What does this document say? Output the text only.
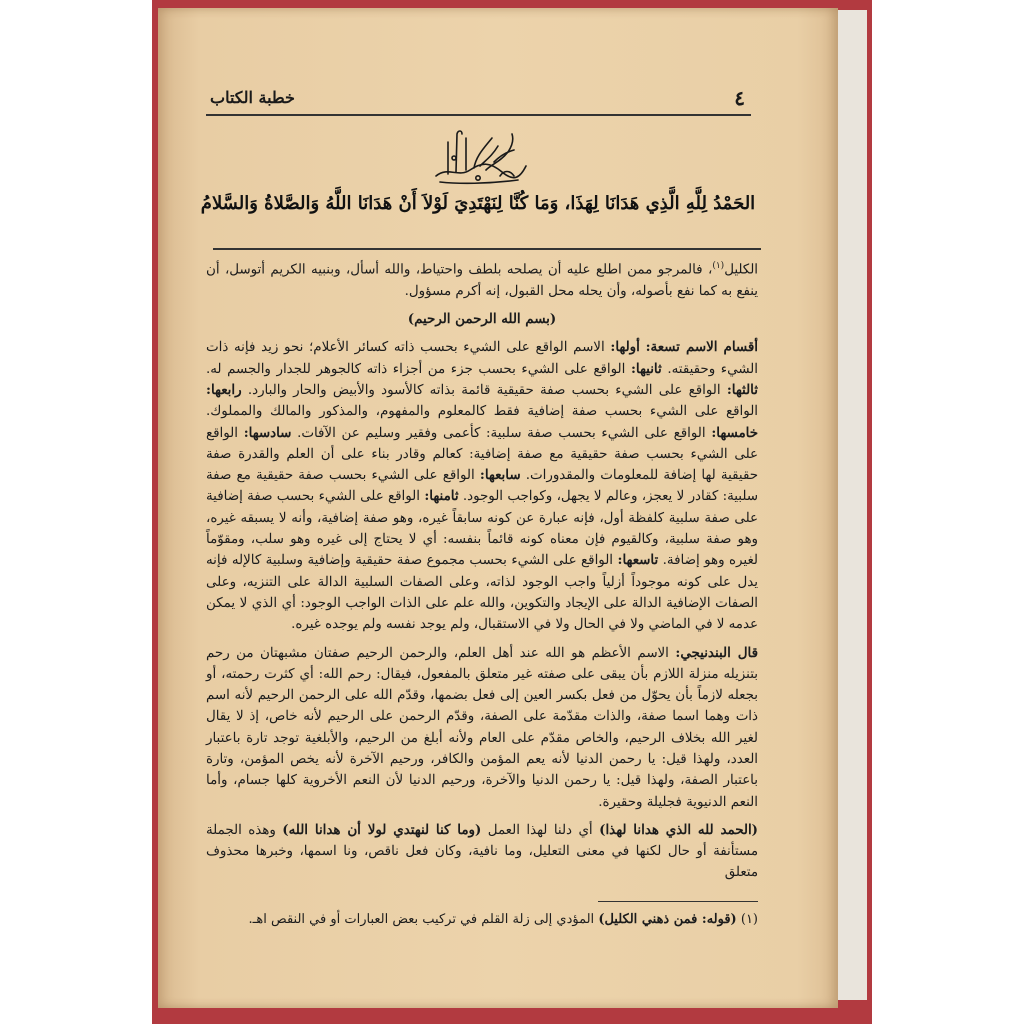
٤
خطبة الكتاب
الحَمْدُ لِلَّهِ الَّذِي هَدَانَا لِهَذَا، وَمَا كُنَّا لِنَهْتَدِيَ لَوْلاَ أَنْ هَدَانَا اللَّهُ وَالصَّلاةُ وَالسَّلامُ

الكليل$^{(١)}$، فالمرجو ممن اطلع عليه أن يصلحه بلطف واحتياط، والله أسأل، وبنبيه الكريم أتوسل، أن ينفع به كما نفع بأصوله، وأن يحله محل القبول، إنه أكرم مسؤول.

(بسم الله الرحمن الرحيم)

أقسام الاسم تسعة: أولها: الاسم الواقع على الشيء بحسب ذاته كسائر الأعلام؛ نحو زيد فإنه ذات الشيء وحقيقته. ثانيها: الواقع على الشيء بحسب جزء من أجزاء ذاته كالجوهر للجدار والجسم له. ثالثها: الواقع على الشيء بحسب صفة حقيقية قائمة بذاته كالأسود والأبيض والحار والبارد. رابعها: الواقع على الشيء بحسب صفة إضافية فقط كالمعلوم والمفهوم، والمذكور والمالك والمملوك. خامسها: الواقع على الشيء بحسب صفة سلبية: كأعمى وفقير وسليم عن الآفات. سادسها: الواقع على الشيء بحسب صفة حقيقية مع صفة إضافية: كعالم وقادر بناء على أن العلم والقدرة صفة حقيقية لها إضافة للمعلومات والمقدورات. سابعها: الواقع على الشيء بحسب صفة حقيقية مع صفة سلبية: كقادر لا يعجز، وعالم لا يجهل، وكواجب الوجود. ثامنها: الواقع على الشيء بحسب صفة إضافية على صفة سلبية كلفظة أول، فإنه عبارة عن كونه سابقاً غيره، وهو صفة إضافية، وأنه لا يسبقه غيره، وهو صفة سلبية، وكالقيوم فإن معناه كونه قائماً بنفسه: أي لا يحتاج إلى غيره وهو سلب، ومقوّماً لغيره وهو إضافة. تاسعها: الواقع على الشيء بحسب مجموع صفة حقيقية وإضافية وسلبية كالإله فإنه يدل على كونه موجوداً أزلياً واجب الوجود لذاته، وعلى الصفات السلبية الدالة على التنزيه، وعلى الصفات الإضافية الدالة على الإيجاد والتكوين، والله علم على الذات الواجب الوجود: أي الذي لا يمكن عدمه لا في الماضي ولا في الحال ولا في الاستقبال، ولم يوجد نفسه ولم يوجده غيره.

قال البندنيجي: الاسم الأعظم هو الله عند أهل العلم، والرحمن الرحيم صفتان مشبهتان من رحم بتنزيله منزلة اللازم بأن يبقى على صفته غير متعلق بالمفعول، فيقال: رحم الله: أي كثرت رحمته، أو بجعله لازماً بأن يحوّل من فعل بكسر العين إلى فعل بضمها، وقدّم الله على الرحمن الرحيم لأنه اسم ذات وهما اسما صفة، والذات مقدّمة على الصفة، وقدّم الرحمن على الرحيم لأنه خاص، إذ لا يقال لغير الله بخلاف الرحيم، والخاص مقدّم على العام ولأنه أبلغ من الرحيم، والأبلغية توجد تارة باعتبار العدد، ولهذا قيل: يا رحمن الدنيا لأنه يعم المؤمن والكافر، ورحيم الآخرة لأنه يخص المؤمن، وتارة باعتبار الصفة، ولهذا قيل: يا رحمن الدنيا والآخرة، ورحيم الدنيا لأن النعم الأخروية كلها جسام، وأما النعم الدنيوية فجليلة وحقيرة.

(الحمد لله الذي هدانا لهذا) أي دلنا لهذا العمل (وما كنا لنهتدي لولا أن هدانا الله) وهذه الجملة مستأنفة أو حال لكنها في معنى التعليل، وما نافية، وكان فعل ناقص، ونا اسمها، وخبرها محذوف متعلق

(١) (قوله: فمن ذهني الكليل) المؤدي إلى زلة القلم في تركيب بعض العبارات أو في النقص اهـ.
